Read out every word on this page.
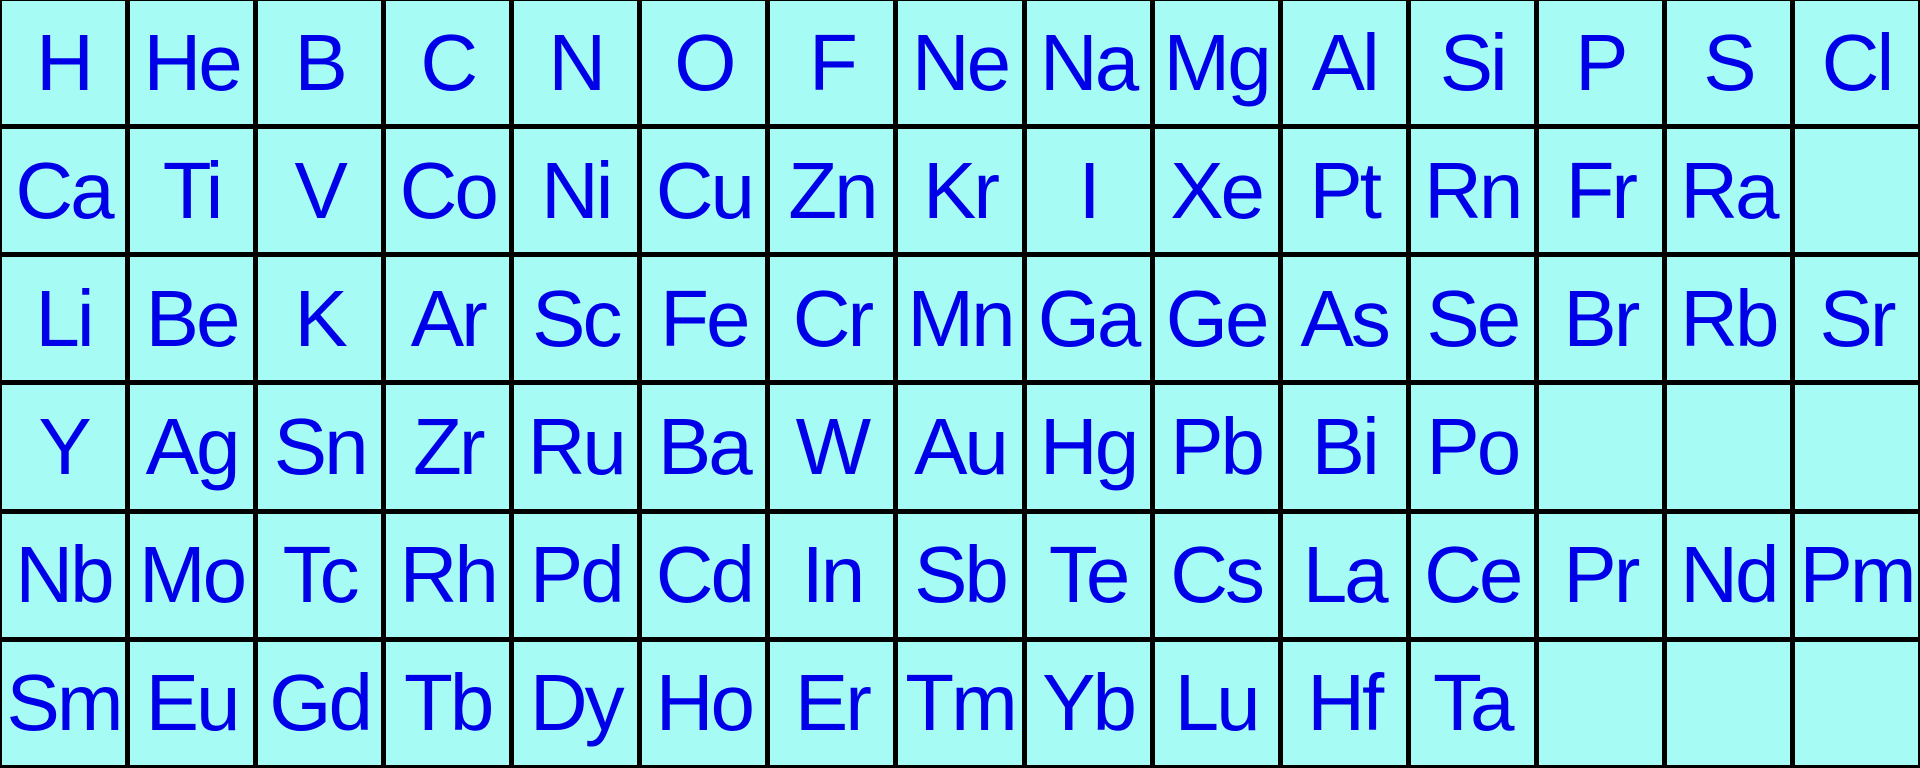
H He B C N O F Ne Na Mg Al Si P S Cl
Ca Ti V Co Ni Cu Zn Kr	I Xe Pt Rn Fr Ra
Li Be K Ar Sc Fe Cr Mn Ga Ge As Se Br Rb Sr
Y Ag Sn Zr Ru Ba W Au Hg Pb Bi Po
Nb Mo Tc Rh Pd Cd In Sb Te Cs La Ce Pr Nd Pm
Sm Eu Gd Tb Dy Ho Er Tm Yb Lu Hf Ta
